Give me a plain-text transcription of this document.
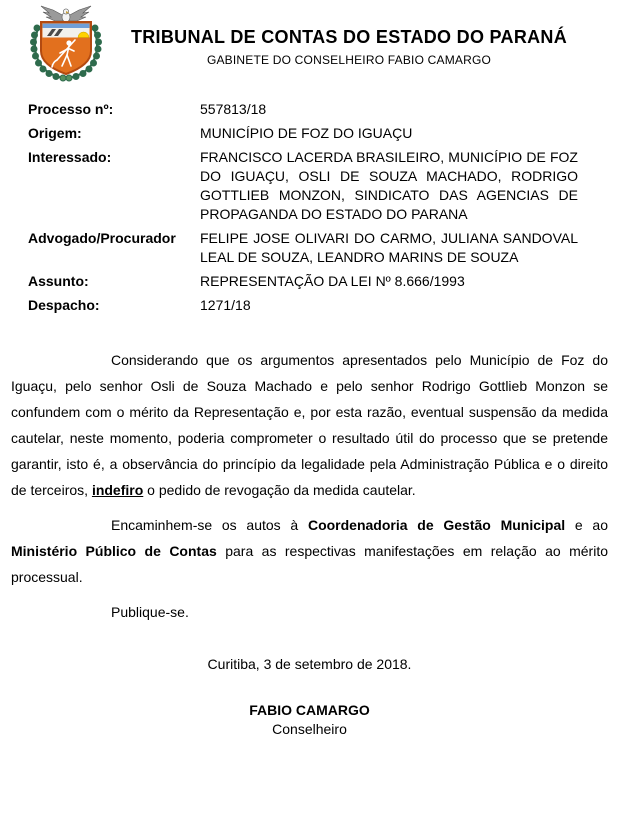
TRIBUNAL DE CONTAS DO ESTADO DO PARANÁ
GABINETE DO CONSELHEIRO FABIO CAMARGO
Processo nº:	557813/18
Origem:	MUNICÍPIO DE FOZ DO IGUAÇU
Interessado:	FRANCISCO LACERDA BRASILEIRO, MUNICÍPIO DE FOZ DO IGUAÇU, OSLI DE SOUZA MACHADO, RODRIGO GOTTLIEB MONZON, SINDICATO DAS AGENCIAS DE PROPAGANDA DO ESTADO DO PARANA
Advogado/Procurador	FELIPE JOSE OLIVARI DO CARMO, JULIANA SANDOVAL LEAL DE SOUZA, LEANDRO MARINS DE SOUZA
Assunto:	REPRESENTAÇÃO DA LEI Nº 8.666/1993
Despacho:	1271/18

Considerando que os argumentos apresentados pelo Município de Foz do Iguaçu, pelo senhor Osli de Souza Machado e pelo senhor Rodrigo Gottlieb Monzon se confundem com o mérito da Representação e, por esta razão, eventual suspensão da medida cautelar, neste momento, poderia comprometer o resultado útil do processo que se pretende garantir, isto é, a observância do princípio da legalidade pela Administração Pública e o direito de terceiros, indefiro o pedido de revogação da medida cautelar.

Encaminhem-se os autos à Coordenadoria de Gestão Municipal e ao Ministério Público de Contas para as respectivas manifestações em relação ao mérito processual.

Publique-se.

Curitiba, 3 de setembro de 2018.
FABIO CAMARGO
Conselheiro
